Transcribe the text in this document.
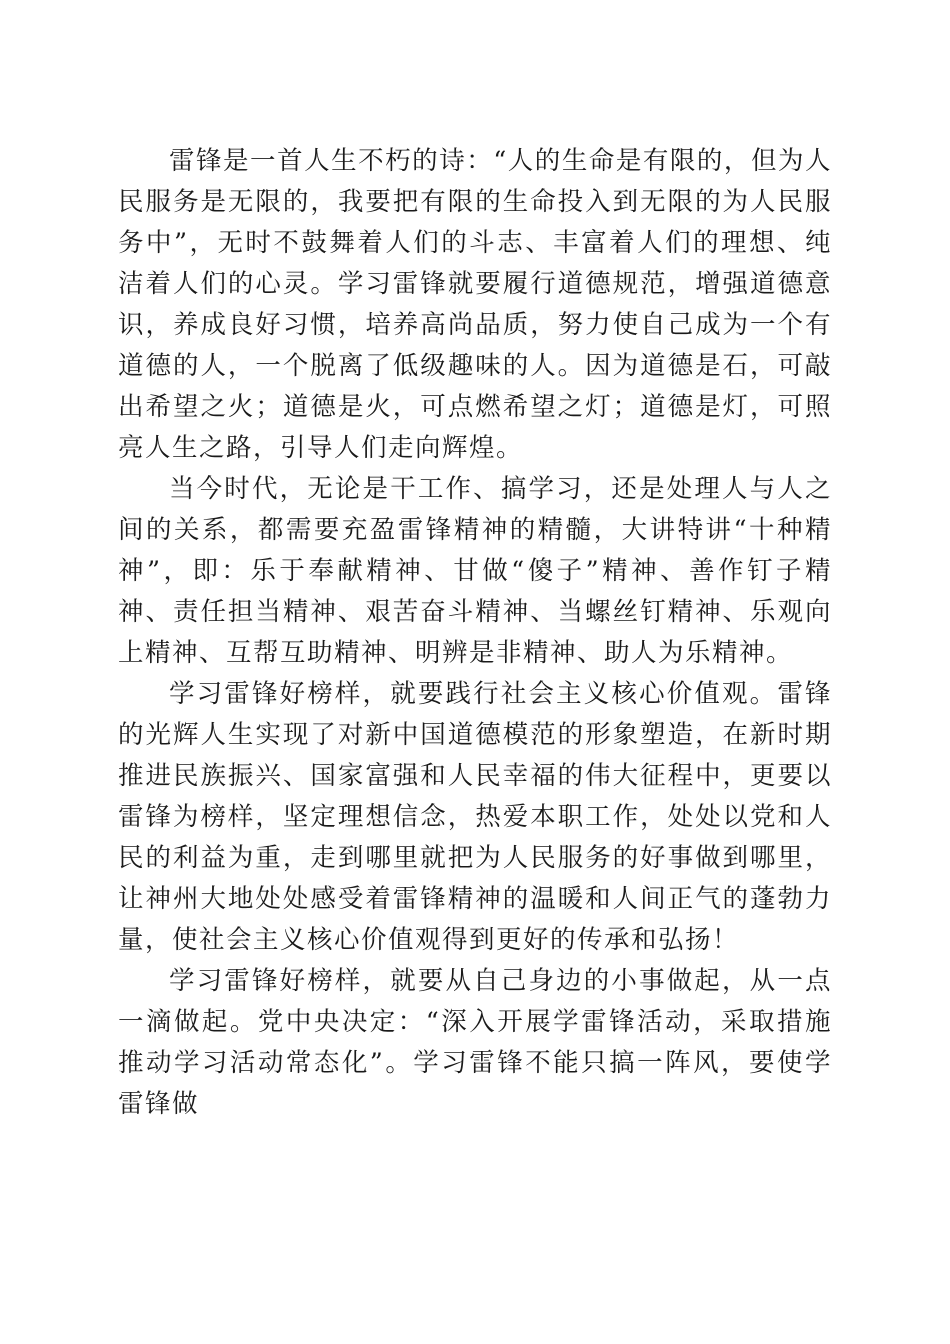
雷锋是一首人生不朽的诗：“人的生命是有限的，但为人民服务是无限的，我要把有限的生命投入到无限的为人民服务中”，无时不鼓舞着人们的斗志、丰富着人们的理想、纯洁着人们的心灵。学习雷锋就要履行道德规范，增强道德意识，养成良好习惯，培养高尚品质，努力使自己成为一个有道德的人，一个脱离了低级趣味的人。因为道德是石，可敲出希望之火；道德是火，可点燃希望之灯；道德是灯，可照亮人生之路，引导人们走向辉煌。

当今时代，无论是干工作、搞学习，还是处理人与人之间的关系，都需要充盈雷锋精神的精髓，大讲特讲“十种精神”，即：乐于奉献精神、甘做“傻子”精神、善作钉子精神、责任担当精神、艰苦奋斗精神、当螺丝钉精神、乐观向上精神、互帮互助精神、明辨是非精神、助人为乐精神。

学习雷锋好榜样，就要践行社会主义核心价值观。雷锋的光辉人生实现了对新中国道德模范的形象塑造，在新时期推进民族振兴、国家富强和人民幸福的伟大征程中，更要以雷锋为榜样，坚定理想信念，热爱本职工作，处处以党和人民的利益为重，走到哪里就把为人民服务的好事做到哪里，让神州大地处处感受着雷锋精神的温暖和人间正气的蓬勃力量，使社会主义核心价值观得到更好的传承和弘扬！

学习雷锋好榜样，就要从自己身边的小事做起，从一点一滴做起。党中央决定：“深入开展学雷锋活动，采取措施推动学习活动常态化”。学习雷锋不能只搞一阵风，要使学雷锋做
